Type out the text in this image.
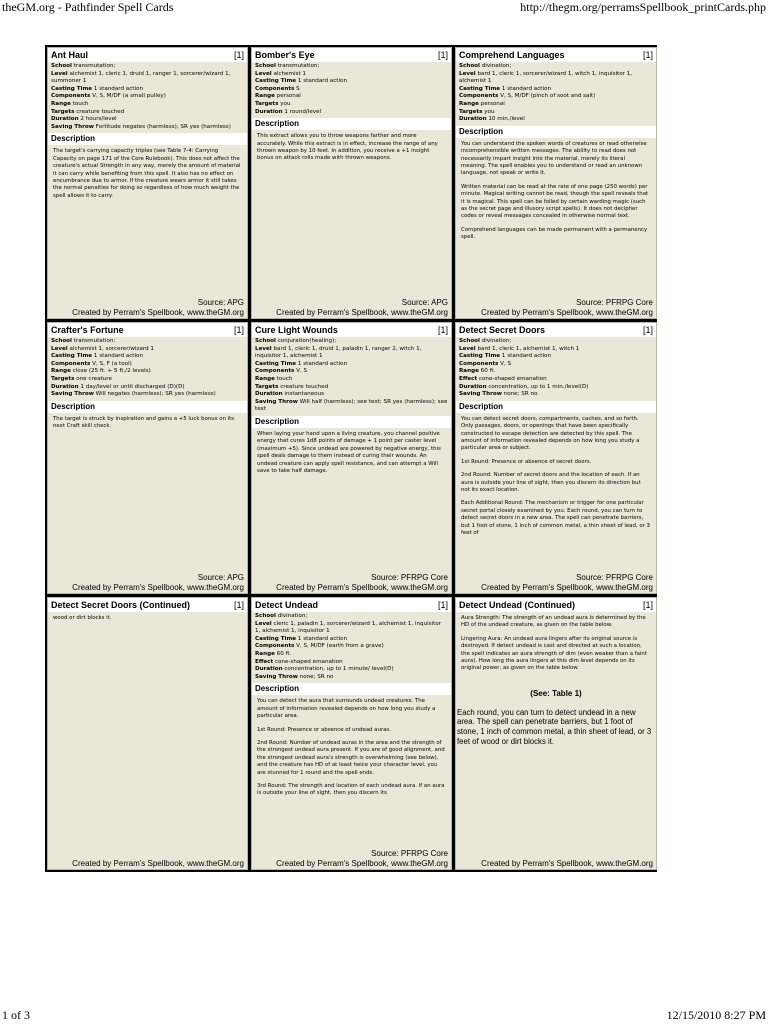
theGM.org - Pathfinder Spell Cards	http://thegm.org/perramsSpellbook_printCards.php
Ant Haul	[1]
School transmutation;
Level alchemist 1, cleric 1, druid 1, ranger 1, sorcerer/wizard 1, summoner 1
Casting Time 1 standard action
Components V, S, M/DF (a small pulley)
Range touch
Targets creature touched
Duration 2 hours/level
Saving Throw Fortitude negates (harmless); SR yes (harmless)
Description

The target's carrying capacity triples (see Table 7-4: Carrying Capacity on page 171 of the Core Rulebook). This does not affect the creature's actual Strength in any way, merely the amount of material it can carry while benefiting from this spell. It also has no effect on encumbrance due to armor. If the creature wears armor it still takes the normal penalties for doing so regardless of how much weight the spell allows it to carry.

Source: APG
Created by Perram's Spellbook, www.theGM.org
Bomber's Eye	[1]
School transmutation;
Level alchemist 1
Casting Time 1 standard action
Components S
Range personal
Targets you
Duration 1 round/level
Description

This extract allows you to throw weapons farther and more accurately. While this extract is in effect, increase the range of any thrown weapon by 10 feet. In addition, you receive a +1 insight bonus on attack rolls made with thrown weapons.

Source: APG
Created by Perram's Spellbook, www.theGM.org
Comprehend Languages	[1]
School divination;
Level bard 1, cleric 1, sorcerer/wizard 1, witch 1, inquisitor 1, alchemist 1
Casting Time 1 standard action
Components V, S, M/DF (pinch of soot and salt)
Range personal
Targets you
Duration 10 min./level
Description

You can understand the spoken words of creatures or read otherwise incomprehensible written messages. The ability to read does not necessarily impart insight into the material, merely its literal meaning. The spell enables you to understand or read an unknown language, not speak or write it.

Written material can be read at the rate of one page (250 words) per minute. Magical writing cannot be read, though the spell reveals that it is magical. This spell can be foiled by certain warding magic (such as the secret page and illusory script spells). It does not decipher codes or reveal messages concealed in otherwise normal text.

Comprehend languages can be made permanent with a permanency spell.

Source: PFRPG Core
Created by Perram's Spellbook, www.theGM.org
Crafter's Fortune	[1]
School transmutation;
Level alchemist 1, sorcerer/wizard 1
Casting Time 1 standard action
Components V, S, F (a tool)
Range close (25 ft. + 5 ft./2 levels)
Targets one creature
Duration 1 day/level or until discharged (D)(D)
Saving Throw Will negates (harmless); SR yes (harmless)
Description

The target is struck by inspiration and gains a +5 luck bonus on its next Craft skill check.

Source: APG
Created by Perram's Spellbook, www.theGM.org
Cure Light Wounds	[1]
School conjuration(healing);
Level bard 1, cleric 1, druid 1, paladin 1, ranger 2, witch 1, inquisitor 1, alchemist 1
Casting Time 1 standard action
Components V, S
Range touch
Targets creature touched
Duration instantaneous
Saving Throw Will half (harmless); see text; SR yes (harmless); see text
Description

When laying your hand upon a living creature, you channel positive energy that cures 1d8 points of damage + 1 point per caster level (maximum +5). Since undead are powered by negative energy, this spell deals damage to them instead of curing their wounds. An undead creature can apply spell resistance, and can attempt a Will save to take half damage.

Source: PFRPG Core
Created by Perram's Spellbook, www.theGM.org
Detect Secret Doors	[1]
School divination;
Level bard 1, cleric 1, alchemist 1, witch 1
Casting Time 1 standard action
Components V, S
Range 60 ft.
Effect cone-shaped emanation
Duration concentration, up to 1 min./level(D)
Saving Throw none; SR no
Description

You can detect secret doors, compartments, caches, and so forth. Only passages, doors, or openings that have been specifically constructed to escape detection are detected by this spell. The amount of information revealed depends on how long you study a particular area or subject.

1st Round: Presence or absence of secret doors.

2nd Round: Number of secret doors and the location of each. If an aura is outside your line of sight, then you discern its direction but not its exact location.

Each Additional Round: The mechanism or trigger for one particular secret portal closely examined by you. Each round, you can turn to detect secret doors in a new area. The spell can penetrate barriers, but 1 foot of stone, 1 inch of common metal, a thin sheet of lead, or 3 feet of

Source: PFRPG Core
Created by Perram's Spellbook, www.theGM.org
Detect Secret Doors (Continued)	[1]

wood or dirt blocks it.

Created by Perram's Spellbook, www.theGM.org
Detect Undead	[1]
School divination;
Level cleric 1, paladin 1, sorcerer/wizard 1, alchemist 1, inquisitor 1, alchemist 1, inquisitor 1
Casting Time 1 standard action
Components V, S, M/DF (earth from a grave)
Range 60 ft.
Effect cone-shaped emanation
Duration concentration, up to 1 minute/ level(D)
Saving Throw none; SR no
Description

You can detect the aura that surrounds undead creatures. The amount of information revealed depends on how long you study a particular area.

1st Round: Presence or absence of undead auras.

2nd Round: Number of undead auras in the area and the strength of the strongest undead aura present. If you are of good alignment, and the strongest undead aura's strength is overwhelming (see below), and the creature has HD of at least twice your character level, you are stunned for 1 round and the spell ends.

3rd Round: The strength and location of each undead aura. If an aura is outside your line of sight, then you discern its

Source: PFRPG Core
Created by Perram's Spellbook, www.theGM.org
Detect Undead (Continued)	[1]

Aura Strength: The strength of an undead aura is determined by the HD of the undead creature, as given on the table below.

Lingering Aura: An undead aura lingers after its original source is destroyed. If detect undead is cast and directed at such a location, the spell indicates an aura strength of dim (even weaker than a faint aura). How long the aura lingers at this dim level depends on its original power, as given on the table below.

(See: Table 1)

Each round, you can turn to detect undead in a new area. The spell can penetrate barriers, but 1 foot of stone, 1 inch of common metal, a thin sheet of lead, or 3 feet of wood or dirt blocks it.

Created by Perram's Spellbook, www.theGM.org
1 of 3	12/15/2010 8:27 PM
